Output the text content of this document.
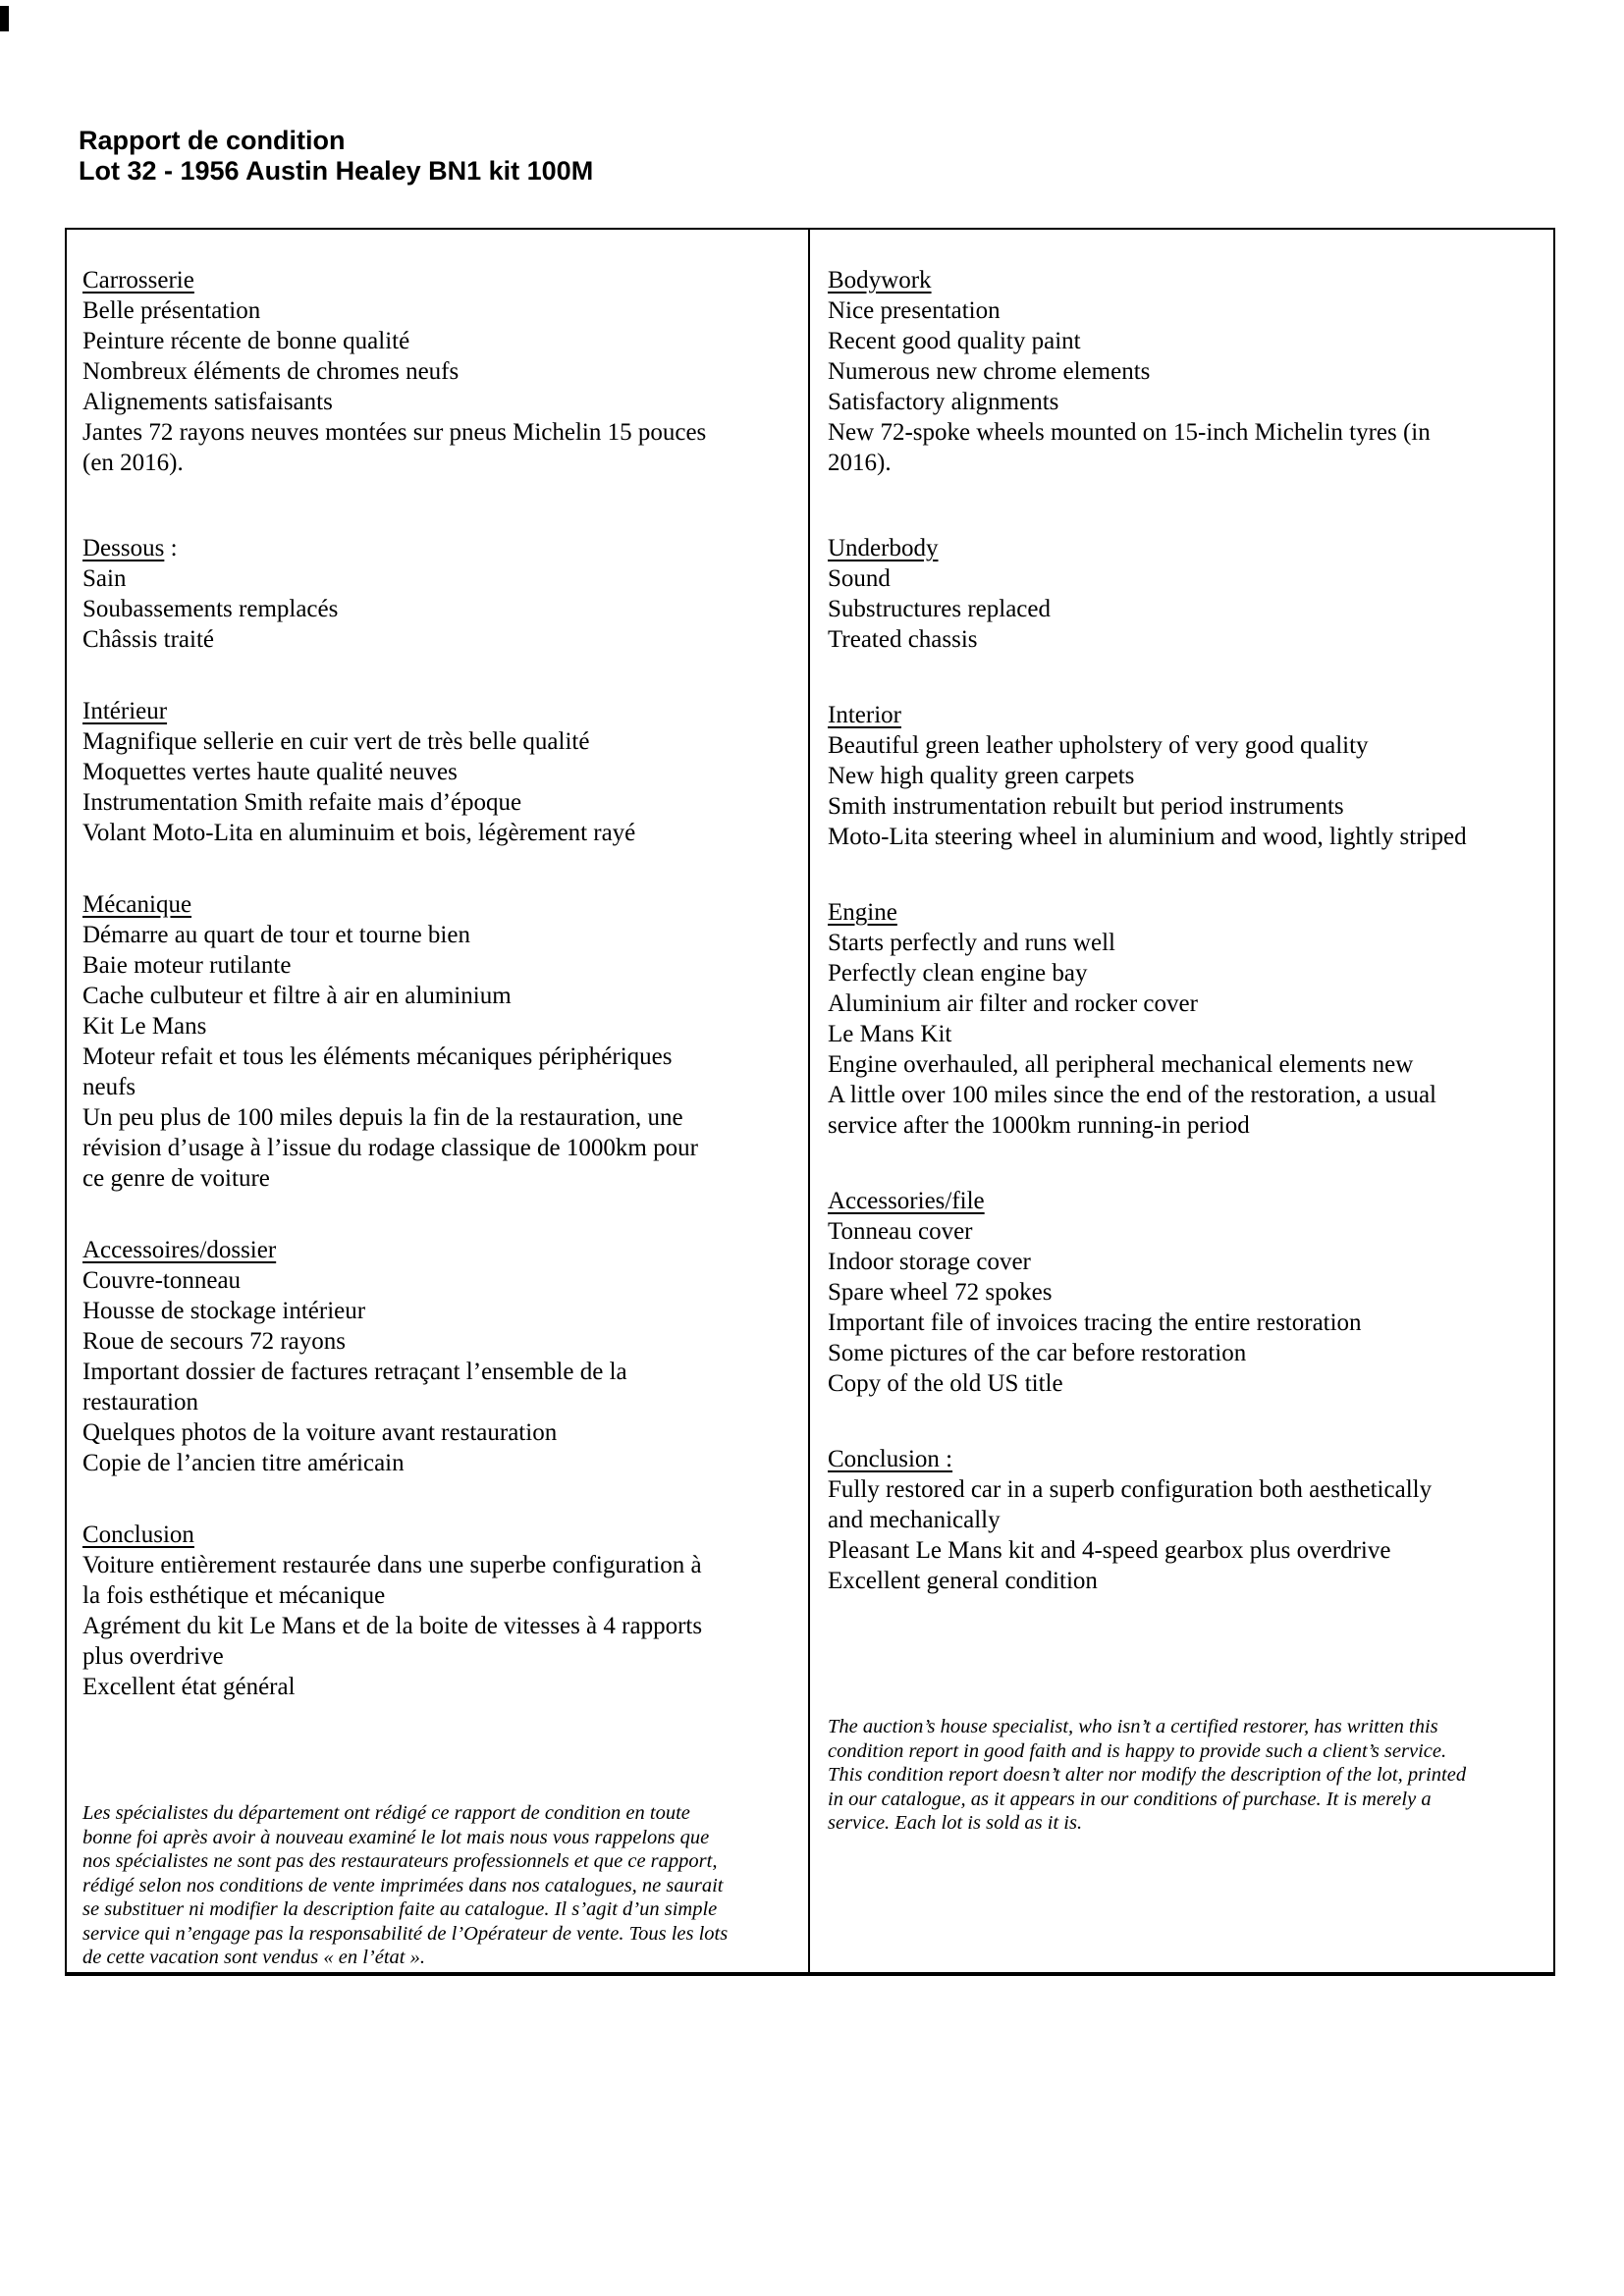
Rapport de condition
Lot 32 - 1956 Austin Healey BN1 kit 100M
Carrosserie
Belle présentation
Peinture récente de bonne qualité
Nombreux éléments de chromes neufs
Alignements satisfaisants
Jantes 72 rayons neuves montées sur pneus Michelin 15 pouces
(en 2016).
Dessous :
Sain
Soubassements remplacés
Châssis traité
Intérieur
Magnifique sellerie en cuir vert de très belle qualité
Moquettes vertes haute qualité neuves
Instrumentation Smith refaite mais d’époque
Volant Moto-Lita en aluminuim et bois, légèrement rayé
Mécanique
Démarre au quart de tour et tourne bien
Baie moteur rutilante
Cache culbuteur et filtre à air en aluminium
Kit Le Mans
Moteur refait et tous les éléments mécaniques périphériques
neufs
Un peu plus de 100 miles depuis la fin de la restauration, une
révision d’usage à l’issue du rodage classique de 1000km pour
ce genre de voiture
Accessoires/dossier
Couvre-tonneau
Housse de stockage intérieur
Roue de secours 72 rayons
Important dossier de factures retraçant l’ensemble de la
restauration
Quelques photos de la voiture avant restauration
Copie de l’ancien titre américain
Conclusion
Voiture entièrement restaurée dans une superbe configuration à
la fois esthétique et mécanique
Agrément du kit Le Mans et de la boite de vitesses à 4 rapports
plus overdrive
Excellent état général
Les spécialistes du département ont rédigé ce rapport de condition en toute
bonne foi après avoir à nouveau examiné le lot mais nous vous rappelons que
nos spécialistes ne sont pas des restaurateurs professionnels et que ce rapport,
rédigé selon nos conditions de vente imprimées dans nos catalogues, ne saurait
se substituer ni modifier la description faite au catalogue. Il s’agit d’un simple
service qui n’engage pas la responsabilité de l’Opérateur de vente. Tous les lots
de cette vacation sont vendus « en l’état ».
Bodywork
Nice presentation
Recent good quality paint
Numerous new chrome elements
Satisfactory alignments
New 72-spoke wheels mounted on 15-inch Michelin tyres (in
2016).
Underbody
Sound
Substructures replaced
Treated chassis
Interior
Beautiful green leather upholstery of very good quality
New high quality green carpets
Smith instrumentation rebuilt but period instruments
Moto-Lita steering wheel in aluminium and wood, lightly striped
Engine
Starts perfectly and runs well
Perfectly clean engine bay
Aluminium air filter and rocker cover
Le Mans Kit
Engine overhauled, all peripheral mechanical elements new
A little over 100 miles since the end of the restoration, a usual
service after the 1000km running-in period
Accessories/file
Tonneau cover
Indoor storage cover
Spare wheel 72 spokes
Important file of invoices tracing the entire restoration
Some pictures of the car before restoration
Copy of the old US title
Conclusion :
Fully restored car in a superb configuration both aesthetically
and mechanically
Pleasant Le Mans kit and 4-speed gearbox plus overdrive
Excellent general condition
The auction’s house specialist, who isn’t a certified restorer, has written this
condition report in good faith and is happy to provide such a client’s service.
This condition report doesn’t alter nor modify the description of the lot, printed
in our catalogue, as it appears in our conditions of purchase. It is merely a
service. Each lot is sold as it is.
